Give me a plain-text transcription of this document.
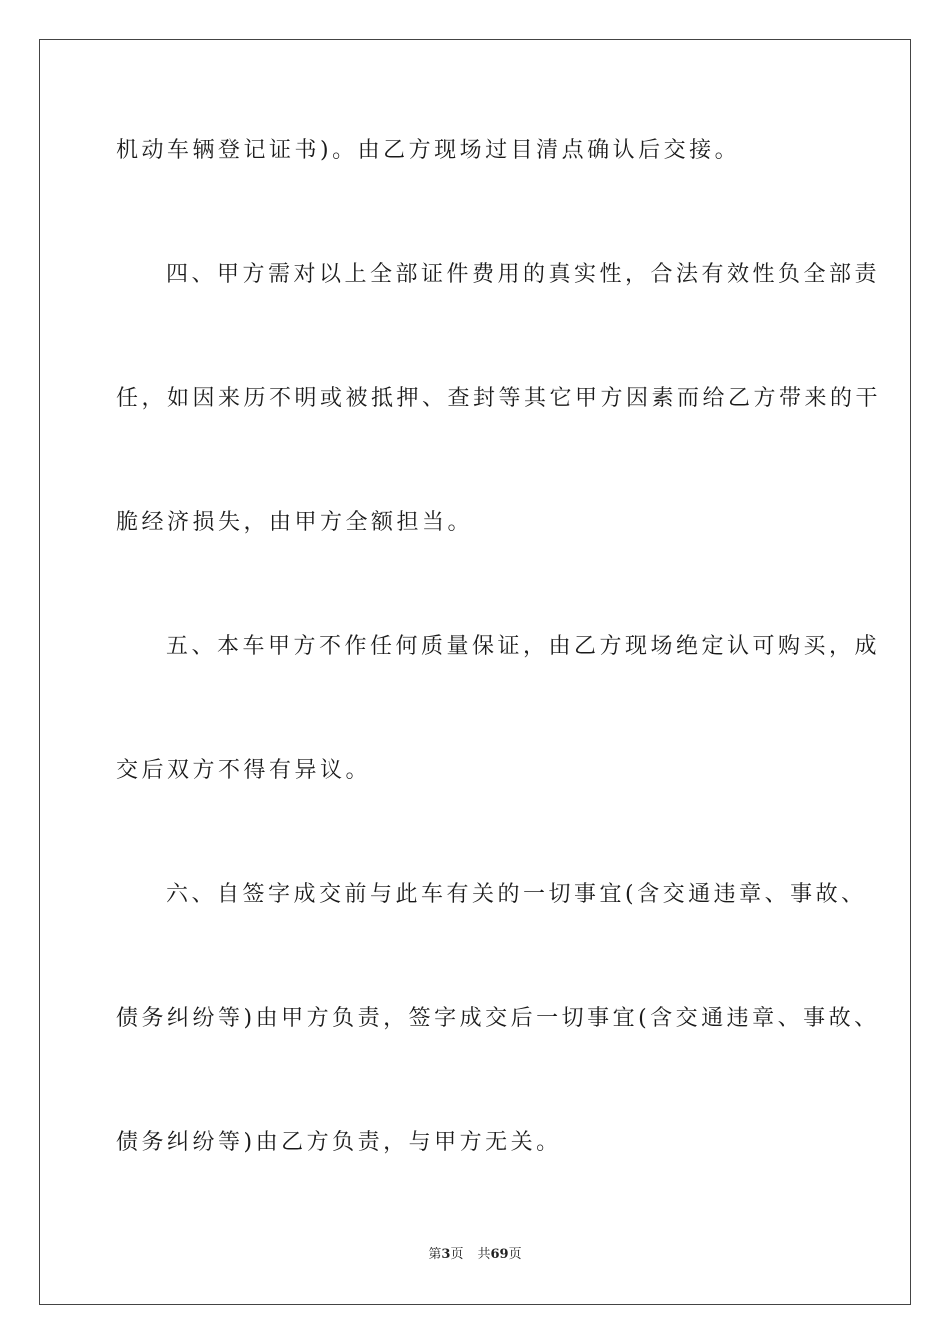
机动车辆登记证书)。由乙方现场过目清点确认后交接。
四、甲方需对以上全部证件费用的真实性，合法有效性负全部责
任，如因来历不明或被抵押、查封等其它甲方因素而给乙方带来的干
脆经济损失，由甲方全额担当。
五、本车甲方不作任何质量保证，由乙方现场绝定认可购买，成
交后双方不得有异议。
六、自签字成交前与此车有关的一切事宜(含交通违章、事故、
债务纠纷等)由甲方负责，签字成交后一切事宜(含交通违章、事故、
债务纠纷等)由乙方负责，与甲方无关。
第3页 共69页
